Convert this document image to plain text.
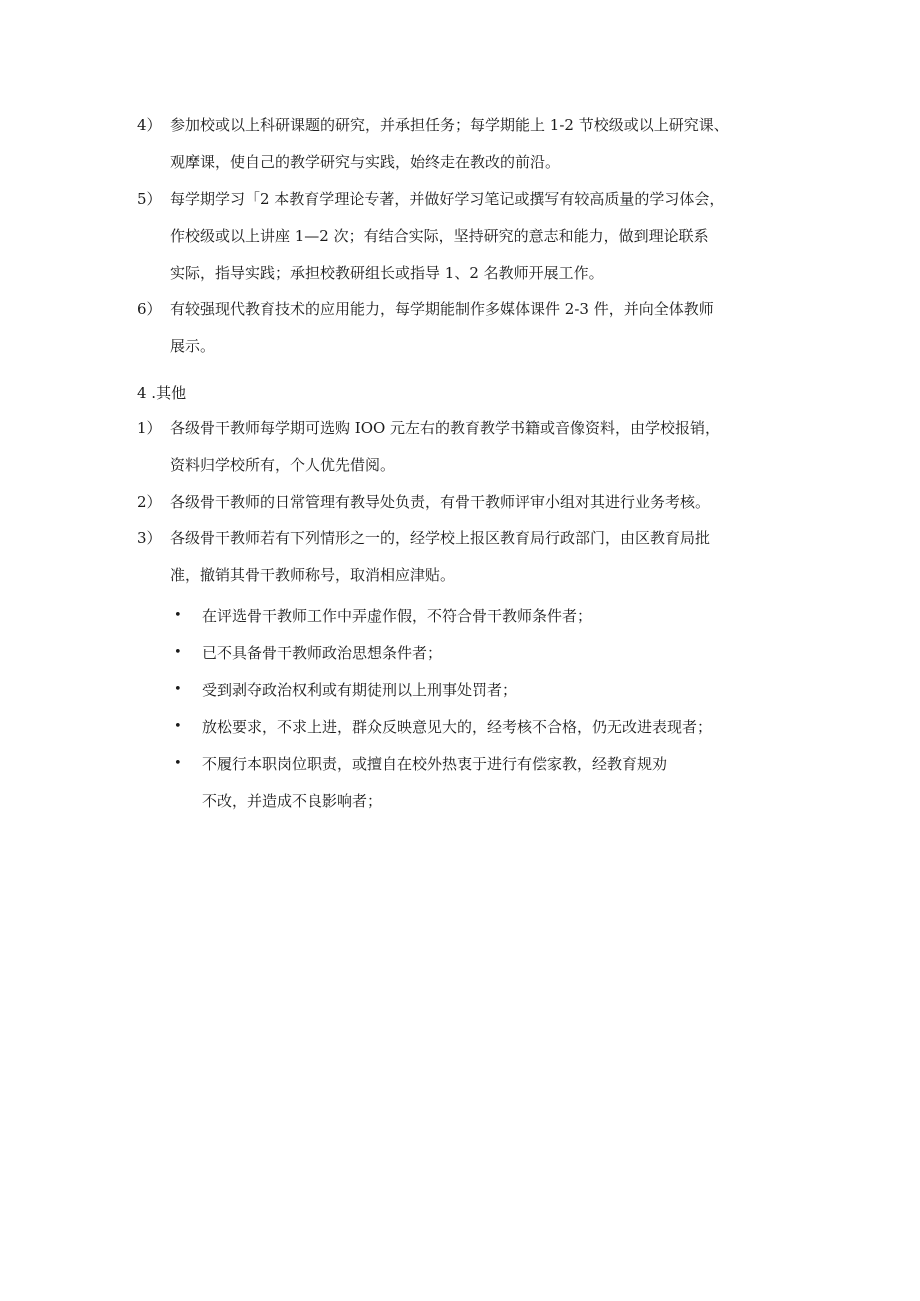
4） 参加校或以上科研课题的研究，并承担任务；每学期能上 1-2 节校级或以上研究课、
观摩课，使自己的教学研究与实践，始终走在教改的前沿。
5） 每学期学习「2 本教育学理论专著，并做好学习笔记或撰写有较高质量的学习体会，
作校级或以上讲座 1—2 次；有结合实际，坚持研究的意志和能力，做到理论联系
实际，指导实践；承担校教研组长或指导 1、2 名教师开展工作。
6） 有较强现代教育技术的应用能力，每学期能制作多媒体课件 2-3 件，并向全体教师
展示。
4 .其他
1） 各级骨干教师每学期可选购 IOO 元左右的教育教学书籍或音像资料，由学校报销，
资料归学校所有，个人优先借阅。
2） 各级骨干教师的日常管理有教导处负责，有骨干教师评审小组对其进行业务考核。
3） 各级骨干教师若有下列情形之一的，经学校上报区教育局行政部门，由区教育局批
准，撤销其骨干教师称号，取消相应津贴。
• 在评选骨干教师工作中弄虚作假，不符合骨干教师条件者；
• 已不具备骨干教师政治思想条件者；
• 受到剥夺政治权利或有期徒刑以上刑事处罚者；
• 放松要求，不求上进，群众反映意见大的，经考核不合格，仍无改进表现者；
• 不履行本职岗位职责，或擅自在校外热衷于进行有偿家教，经教育规劝
不改，并造成不良影响者；
